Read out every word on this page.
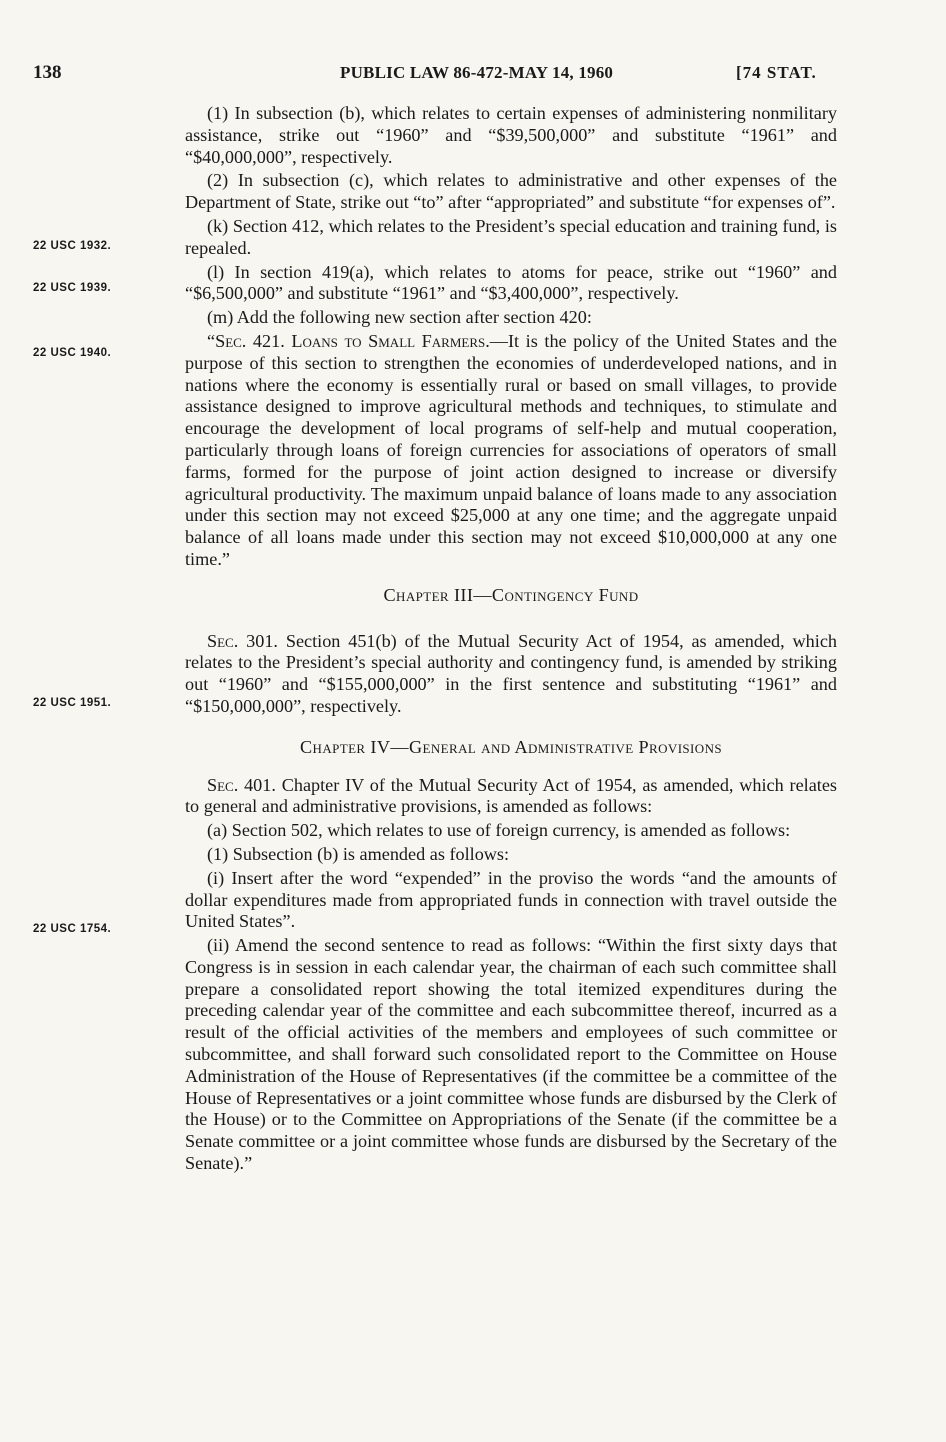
138	PUBLIC LAW 86-472-MAY 14, 1960	[74 STAT.
22 USC 1932.
22 USC 1939.
22 USC 1940.
22 USC 1951.
22 USC 1754.

(1) In subsection (b), which relates to certain expenses of administering nonmilitary assistance, strike out “1960” and “$39,500,000” and substitute “1961” and “$40,000,000”, respectively.

(2) In subsection (c), which relates to administrative and other expenses of the Department of State, strike out “to” after “appropriated” and substitute “for expenses of”.

(k) Section 412, which relates to the President’s special education and training fund, is repealed.

(l) In section 419(a), which relates to atoms for peace, strike out “1960” and “$6,500,000” and substitute “1961” and “$3,400,000”, respectively.

(m) Add the following new section after section 420:

“Sec. 421. Loans to Small Farmers.—It is the policy of the United States and the purpose of this section to strengthen the economies of underdeveloped nations, and in nations where the economy is essentially rural or based on small villages, to provide assistance designed to improve agricultural methods and techniques, to stimulate and encourage the development of local programs of self-help and mutual cooperation, particularly through loans of foreign currencies for associations of operators of small farms, formed for the purpose of joint action designed to increase or diversify agricultural productivity. The maximum unpaid balance of loans made to any association under this section may not exceed $25,000 at any one time; and the aggregate unpaid balance of all loans made under this section may not exceed $10,000,000 at any one time.”

Chapter III—Contingency Fund

Sec. 301. Section 451(b) of the Mutual Security Act of 1954, as amended, which relates to the President’s special authority and contingency fund, is amended by striking out “1960” and “$155,000,000” in the first sentence and substituting “1961” and “$150,000,000”, respectively.

Chapter IV—General and Administrative Provisions

Sec. 401. Chapter IV of the Mutual Security Act of 1954, as amended, which relates to general and administrative provisions, is amended as follows:

(a) Section 502, which relates to use of foreign currency, is amended as follows:

(1) Subsection (b) is amended as follows:

(i) Insert after the word “expended” in the proviso the words “and the amounts of dollar expenditures made from appropriated funds in connection with travel outside the United States”.

(ii) Amend the second sentence to read as follows: “Within the first sixty days that Congress is in session in each calendar year, the chairman of each such committee shall prepare a consolidated report showing the total itemized expenditures during the preceding calendar year of the committee and each subcommittee thereof, incurred as a result of the official activities of the members and employees of such committee or subcommittee, and shall forward such consolidated report to the Committee on House Administration of the House of Representatives (if the committee be a committee of the House of Representatives or a joint committee whose funds are disbursed by the Clerk of the House) or to the Committee on Appropriations of the Senate (if the committee be a Senate committee or a joint committee whose funds are disbursed by the Secretary of the Senate).”
